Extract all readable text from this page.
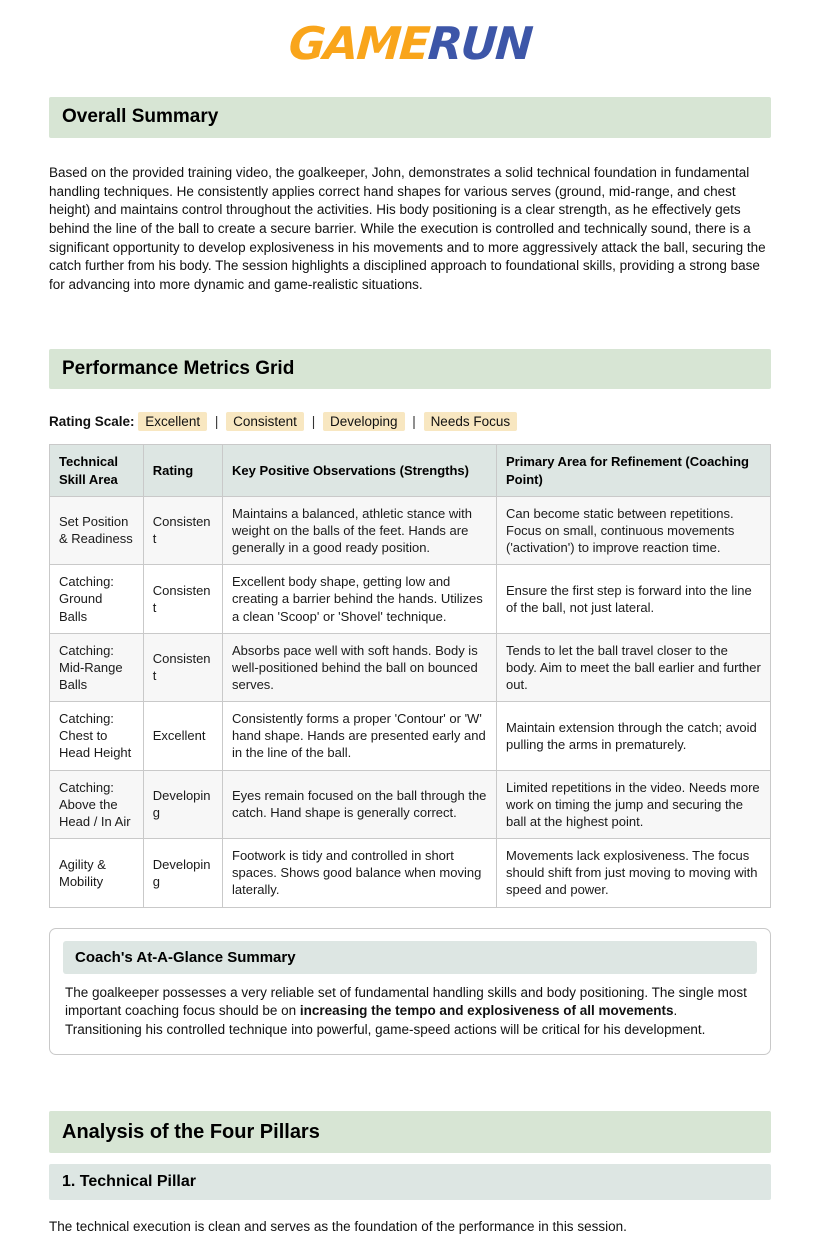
GAMERUN
Overall Summary

Based on the provided training video, the goalkeeper, John, demonstrates a solid technical foundation in fundamental handling techniques. He consistently applies correct hand shapes for various serves (ground, mid-range, and chest height) and maintains control throughout the activities. His body positioning is a clear strength, as he effectively gets behind the line of the ball to create a secure barrier. While the execution is controlled and technically sound, there is a significant opportunity to develop explosiveness in his movements and to more aggressively attack the ball, securing the catch further from his body. The session highlights a disciplined approach to foundational skills, providing a strong base for advancing into more dynamic and game-realistic situations.

Performance Metrics Grid
Rating Scale: Excellent | Consistent | Developing | Needs Focus
Technical Skill Area	Rating	Key Positive Observations (Strengths)	Primary Area for Refinement (Coaching Point)
Set Position & Readiness	Consistent	Maintains a balanced, athletic stance with weight on the balls of the feet. Hands are generally in a good ready position.	Can become static between repetitions. Focus on small, continuous movements ('activation') to improve reaction time.
Catching: Ground Balls	Consistent	Excellent body shape, getting low and creating a barrier behind the hands. Utilizes a clean 'Scoop' or 'Shovel' technique.	Ensure the first step is forward into the line of the ball, not just lateral.
Catching: Mid-Range Balls	Consistent	Absorbs pace well with soft hands. Body is well-positioned behind the ball on bounced serves.	Tends to let the ball travel closer to the body. Aim to meet the ball earlier and further out.
Catching: Chest to Head Height	Excellent	Consistently forms a proper 'Contour' or 'W' hand shape. Hands are presented early and in the line of the ball.	Maintain extension through the catch; avoid pulling the arms in prematurely.
Catching: Above the Head / In Air	Developing	Eyes remain focused on the ball through the catch. Hand shape is generally correct.	Limited repetitions in the video. Needs more work on timing the jump and securing the ball at the highest point.
Agility & Mobility	Developing	Footwork is tidy and controlled in short spaces. Shows good balance when moving laterally.	Movements lack explosiveness. The focus should shift from just moving to moving with speed and power.
Coach's At-A-Glance Summary

The goalkeeper possesses a very reliable set of fundamental handling skills and body positioning. The single most important coaching focus should be on increasing the tempo and explosiveness of all movements. Transitioning his controlled technique into powerful, game-speed actions will be critical for his development.

Analysis of the Four Pillars
1. Technical Pillar

The technical execution is clean and serves as the foundation of the performance in this session.
